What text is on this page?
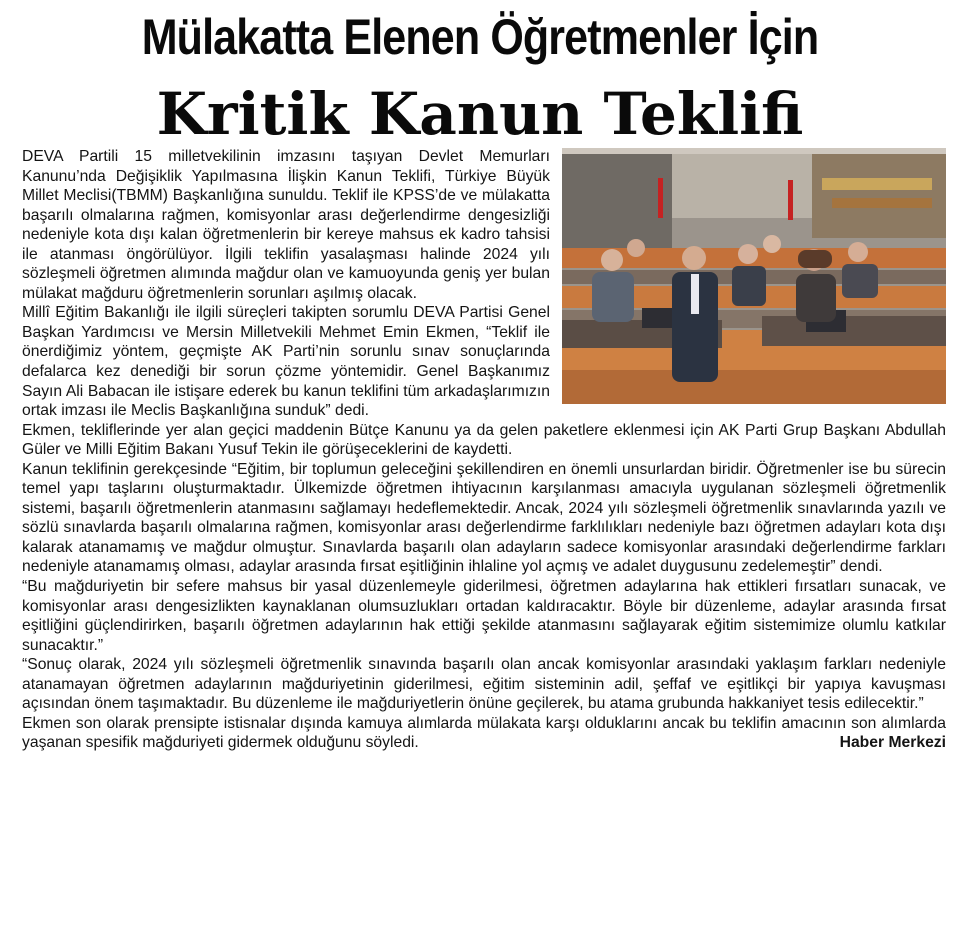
Mülakatta Elenen Öğretmenler İçin
Kritik Kanun Teklifi

DEVA Partili 15 milletvekilinin imzasını taşıyan Devlet Memurları Kanunu’nda Değişiklik Yapılmasına İlişkin Kanun Teklifi, Türkiye Büyük Millet Meclisi(TBMM) Başkanlığına sunuldu. Teklif ile KPSS’de ve mülakatta başarılı olmalarına rağmen, komisyonlar arası değerlendirme dengesizliği nedeniyle kota dışı kalan öğretmenlerin bir kereye mahsus ek kadro tahsisi ile atanması öngörülüyor. İlgili teklifin yasalaşması halinde 2024 yılı sözleşmeli öğretmen alımında mağdur olan ve kamuoyunda geniş yer bulan mülakat mağduru öğretmenlerin sorunları aşılmış olacak.

Millî Eğitim Bakanlığı ile ilgili süreçleri takipten sorumlu DEVA Partisi Genel Başkan Yardımcısı ve Mersin Milletvekili Mehmet Emin Ekmen, “Teklif ile önerdiğimiz yöntem, geçmişte AK Parti’nin sorunlu sınav sonuçlarında defalarca kez denediği bir sorun çözme yöntemidir. Genel Başkanımız Sayın Ali Babacan ile istişare ederek bu kanun teklifini tüm arkadaşlarımızın ortak imzası ile Meclis Başkanlığına sunduk” dedi.

Ekmen, tekliflerinde yer alan geçici maddenin Bütçe Kanunu ya da gelen paketlere eklenmesi için AK Parti Grup Başkanı Abdullah Güler ve Milli Eğitim Bakanı Yusuf Tekin ile görüşeceklerini de kaydetti.

Kanun teklifinin gerekçesinde “Eğitim, bir toplumun geleceğini şekillendiren en önemli unsurlardan biridir. Öğretmenler ise bu sürecin temel yapı taşlarını oluşturmaktadır. Ülkemizde öğretmen ihtiyacının karşılanması amacıyla uygulanan sözleşmeli öğretmenlik sistemi, başarılı öğretmenlerin atanmasını sağlamayı hedeflemektedir. Ancak, 2024 yılı sözleşmeli öğretmenlik sınavlarında yazılı ve sözlü sınavlarda başarılı olmalarına rağmen, komisyonlar arası değerlendirme farklılıkları nedeniyle bazı öğretmen adayları kota dışı kalarak atanamamış ve mağdur olmuştur. Sınavlarda başarılı olan adayların sadece komisyonlar arasındaki değerlendirme farkları nedeniyle atanamamış olması, adaylar arasında fırsat eşitliğinin ihlaline yol açmış ve adalet duygusunu zedelemeştir” dendi.

“Bu mağduriyetin bir sefere mahsus bir yasal düzenlemeyle giderilmesi, öğretmen adaylarına hak ettikleri fırsatları sunacak, ve komisyonlar arası dengesizlikten kaynaklanan olumsuzlukları ortadan kaldıracaktır. Böyle bir düzenleme, adaylar arasında fırsat eşitliğini güçlendirirken, başarılı öğretmen adaylarının hak ettiği şekilde atanmasını sağlayarak eğitim sistemimize olumlu katkılar sunacaktır.”

“Sonuç olarak, 2024 yılı sözleşmeli öğretmenlik sınavında başarılı olan ancak komisyonlar arasındaki yaklaşım farkları nedeniyle atanamayan öğretmen adaylarının mağduriyetinin giderilmesi, eğitim sisteminin adil, şeffaf ve eşitlikçi bir yapıya kavuşması açısından önem taşımaktadır. Bu düzenleme ile mağduriyetlerin önüne geçilerek, bu atama grubunda hakkaniyet tesis edilecektir.”

Ekmen son olarak prensipte istisnalar dışında kamuya alımlarda mülakata karşı olduklarını ancak bu teklifin amacının son alımlarda yaşanan spesifik mağduriyeti gidermek olduğunu söyledi.	Haber Merkezi
